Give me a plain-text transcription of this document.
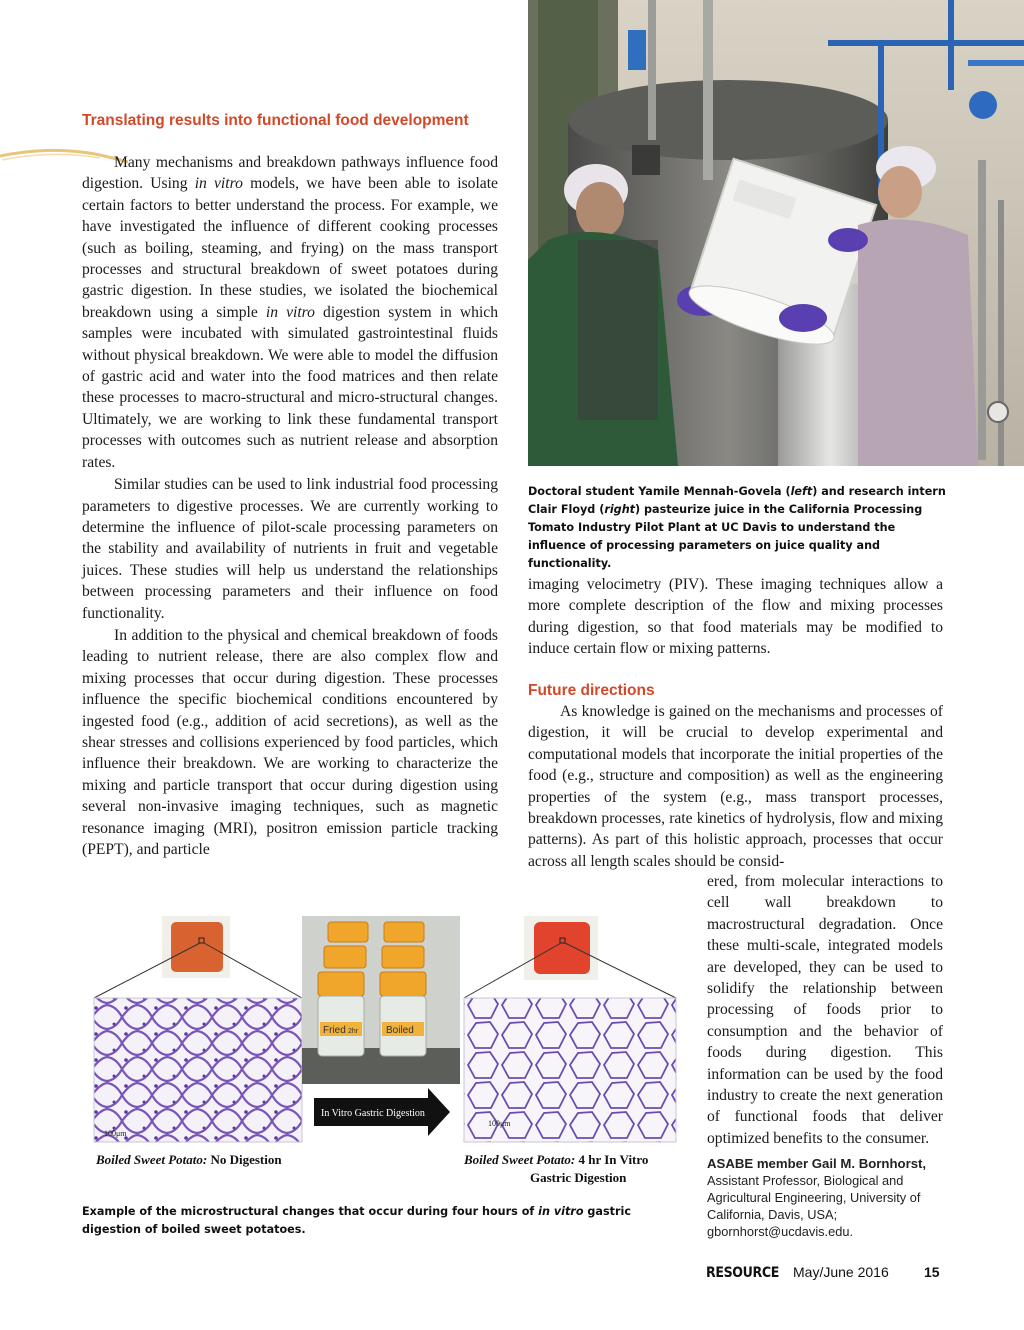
Translating results into functional food development

Many mechanisms and breakdown pathways influence food digestion. Using in vitro models, we have been able to isolate certain factors to better understand the process. For example, we have investigated the influence of different cooking processes (such as boiling, steaming, and frying) on the mass transport processes and structural breakdown of sweet potatoes during gastric digestion. In these studies, we isolated the biochemical breakdown using a simple in vitro digestion system in which samples were incubated with simulated gastrointestinal fluids without physical breakdown. We were able to model the diffusion of gastric acid and water into the food matrices and then relate these processes to macro-structural and micro-structural changes. Ultimately, we are working to link these fundamental transport processes with outcomes such as nutrient release and absorption rates.

Similar studies can be used to link industrial food processing parameters to digestive processes. We are currently working to determine the influence of pilot-scale processing parameters on the stability and availability of nutrients in fruit and vegetable juices. These studies will help us understand the relationships between processing parameters and their influence on food functionality.

In addition to the physical and chemical breakdown of foods leading to nutrient release, there are also complex flow and mixing processes that occur during digestion. These processes influence the specific biochemical conditions encountered by ingested food (e.g., addition of acid secretions), as well as the shear stresses and collisions experienced by food particles, which influence their breakdown. We are working to characterize the mixing and particle transport that occur during digestion using several non-invasive imaging techniques, such as magnetic resonance imaging (MRI), positron emission particle tracking (PEPT), and particle

Doctoral student Yamile Mennah-Govela (left) and research intern Clair Floyd (right) pasteurize juice in the California Processing Tomato Industry Pilot Plant at UC Davis to understand the influence of processing parameters on juice quality and functionality.

imaging velocimetry (PIV). These imaging techniques allow a more complete description of the flow and mixing processes during digestion, so that food materials may be modified to induce certain flow or mixing patterns.

Future directions

As knowledge is gained on the mechanisms and processes of digestion, it will be crucial to develop experimental and computational models that incorporate the initial properties of the food (e.g., structure and composition) as well as the engineering properties of the system (e.g., mass transport processes, breakdown processes, rate kinetics of hydrolysis, flow and mixing patterns). As part of this holistic approach, processes that occur across all length scales should be consid-

ered, from molecular interactions to cell wall breakdown to macrostructural degradation. Once these multi-scale, integrated models are developed, they can be used to solidify the relationship between processing of foods prior to consumption and the behavior of foods during digestion. This information can be used by the food industry to create the next generation of functional foods that deliver optimized benefits to the consumer.

ASABE member Gail M. Bornhorst,
Assistant Professor, Biological and Agricultural Engineering, University of California, Davis, USA;
gbornhorst@ucdavis.edu.
100μm
Fried 2hr	Boiled
In Vitro Gastric Digestion
100μm
Boiled Sweet Potato: No Digestion	Boiled Sweet Potato: 4 hr In Vitro
Gastric Digestion
Example of the microstructural changes that occur during four hours of in vitro gastric digestion of boiled sweet potatoes.
RESOURCE May/June 2016	15
